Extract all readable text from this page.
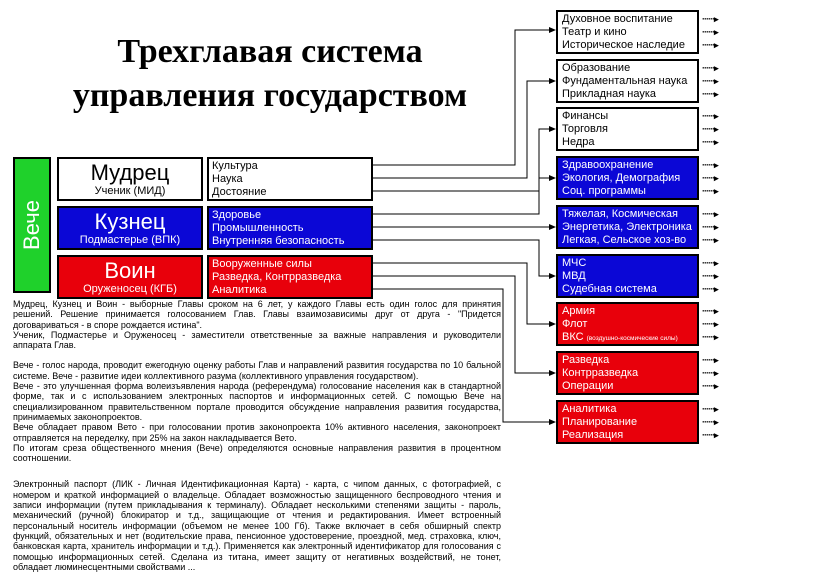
Трехглавая система
управления государством
Вече
Мудрец
Ученик (МИД)
Кузнец
Подмастерье (ВПК)
Воин
Оруженосец (КГБ)
Культура
Наука
Достояние
Здоровье
Промышленность
Внутренняя безопасность
Вооруженные силы
Разведка, Контрразведка
Аналитика
Духовное воспитание
Театр и кино
Историческое наследие
Образование
Фундаментальная наука
Прикладная наука
Финансы
Торговля
Недра
Здравоохранение
Экология, Демография
Соц. программы
Тяжелая, Космическая
Энергетика, Электроника
Легкая, Сельское хоз-во
МЧС
МВД
Судебная система
Армия
Флот
ВКС (воздушно-космические силы)
Разведка
Контрразведка
Операции
Аналитика
Планирование
Реализация
······▸
······▸
······▸
······▸
······▸
······▸
······▸
······▸
······▸
······▸
······▸
······▸
······▸
······▸
······▸
······▸
······▸
······▸
······▸
······▸
······▸
······▸
······▸
······▸
······▸
······▸
······▸

Мудрец, Кузнец и Воин - выборные Главы сроком на 6 лет, у каждого Главы есть один голос для принятия решений. Решение принимается голосованием Глав. Главы взаимозависимы друг от друга - "Придется договариваться - в споре рождается истина".

Ученик, Подмастерье и Оруженосец - заместители ответственные за важные направления и руководители аппарата Глав.

Вече - голос народа, проводит ежегодную оценку работы Глав и направлений развития государства по 10 бальной системе. Вече - развитие идеи коллективного разума (коллективного управления государством).

Вече - это улучшенная форма волеизъявления народа (референдума) голосование населения как в стандартной форме, так и с использованием электронных паспортов и информационных сетей. С помощью Вече на специализированном правительственном портале проводится обсуждение направления развития государства, принимаемых законопроектов.

Вече обладает правом Вето - при голосовании против законопроекта 10% активного населения, законопроект отправляется на переделку, при 25% на закон накладывается Вето.

По итогам среза общественного мнения (Вече) определяются основные направления развития в процентном соотношении.

Электронный паспорт (ЛИК - Личная Идентификационная Карта) - карта, с чипом данных, с фотографией, с номером и краткой информацией о владельце. Обладает возможностью защищенного беспроводного чтения и записи информации (путем прикладывания к терминалу). Обладает несколькими степенями защиты - пароль, механический (ручной) блокиратор и т.д., защищающие от чтения и редактирования. Имеет встроенный персональный носитель информации (объемом не менее 100 Гб). Также включает в себя обширный спектр функций, обязательных и нет (водительские права, пенсионное удостоверение, проездной, мед. страховка, ключ, банковская карта, хранитель информации и т.д.). Применяется как электронный идентификатор для голосования с помощью информационных сетей. Сделана из титана, имеет защиту от негативных воздействий, не тонет, обладает люминесцентными свойствами ...
